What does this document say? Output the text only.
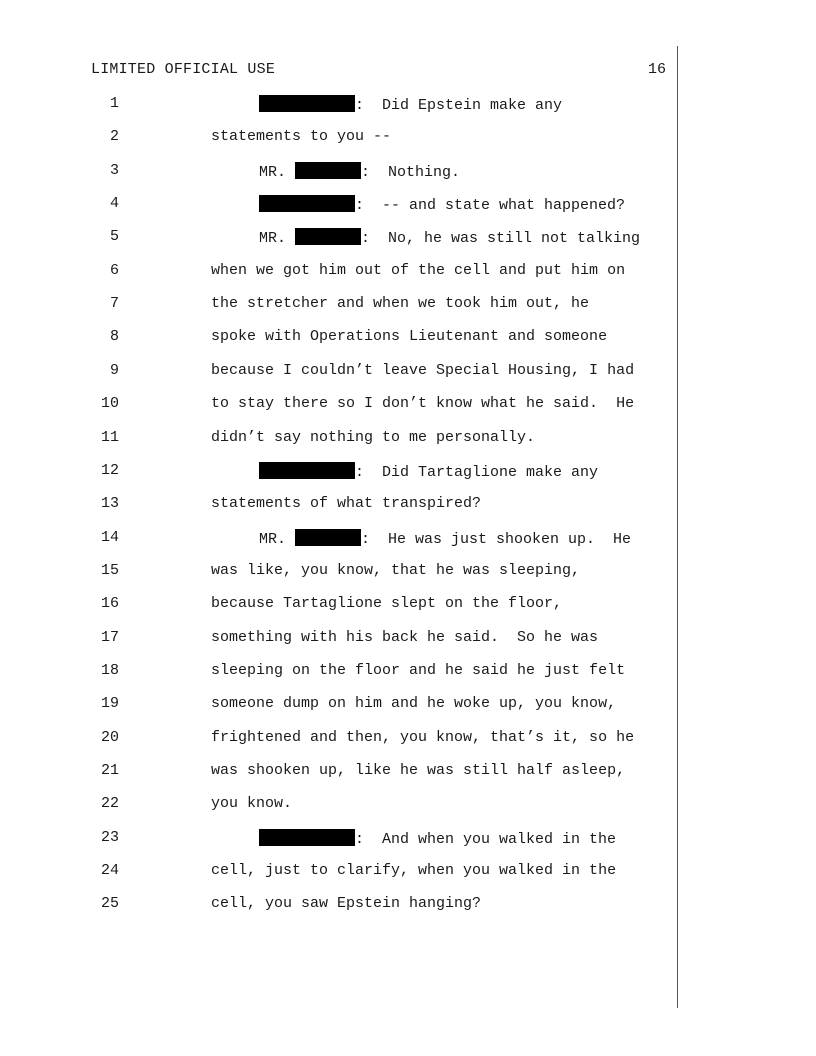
LIMITED OFFICIAL USE	16
1	:  Did Epstein make any
2	statements to you --
3	MR.	:  Nothing.
4	:  -- and state what happened?
5	MR.	:  No, he was still not talking
6	when we got him out of the cell and put him on
7	the stretcher and when we took him out, he
8	spoke with Operations Lieutenant and someone
9	because I couldn’t leave Special Housing, I had
10	to stay there so I don’t know what he said.  He
11	didn’t say nothing to me personally.
12	:  Did Tartaglione make any
13	statements of what transpired?
14	MR.	:  He was just shooken up.  He
15	was like, you know, that he was sleeping,
16	because Tartaglione slept on the floor,
17	something with his back he said.  So he was
18	sleeping on the floor and he said he just felt
19	someone dump on him and he woke up, you know,
20	frightened and then, you know, that’s it, so he
21	was shooken up, like he was still half asleep,
22	you know.
23	:  And when you walked in the
24	cell, just to clarify, when you walked in the
25	cell, you saw Epstein hanging?
